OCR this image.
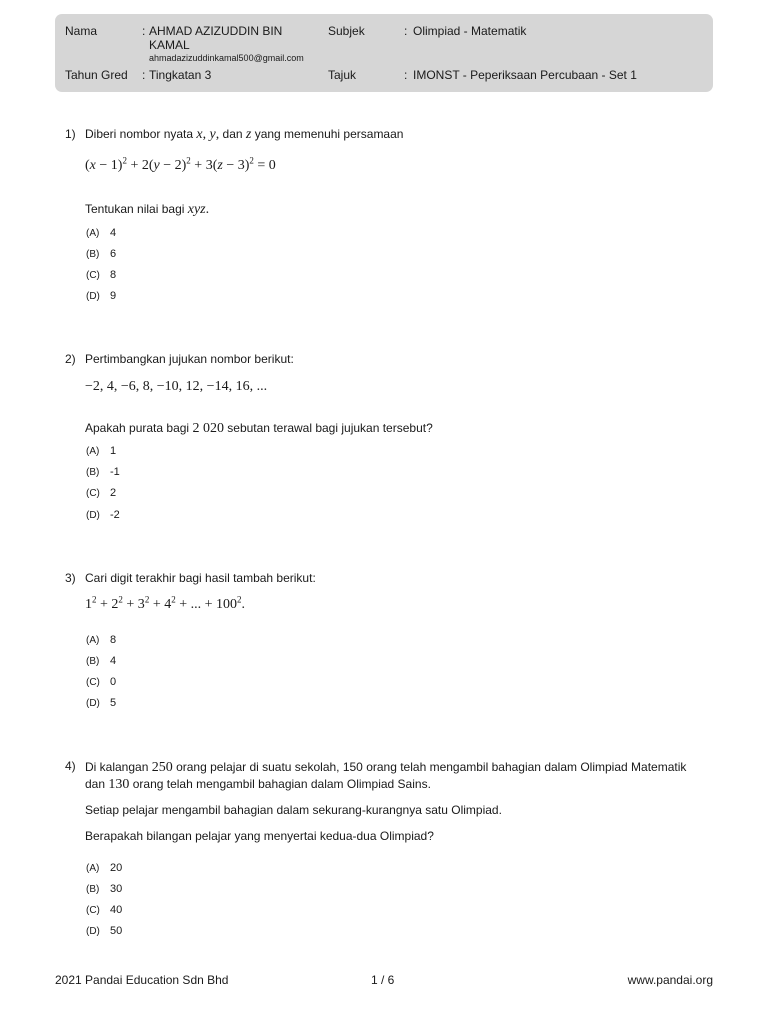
Nama	: AHMAD AZIZUDDIN BIN KAMAL
ahmadazizuddinkamal500@gmail.com
Subjek	: Olimpiad - Matematik
Tahun Gred : Tingkatan 3	Tajuk	: IMONST - Peperiksaan Percubaan - Set 1
1) Diberi nombor nyata x, y, dan z yang memenuhi persamaan
$(x - 1)^2 + 2(y - 2)^2 + 3(z - 3)^2 = 0$
Tentukan nilai bagi xyz.
(A) 4
(B) 6
(C) 8
(D) 9
2) Pertimbangkan jujukan nombor berikut:
−2, 4, −6, 8, −10, 12, −14, 16, ...
Apakah purata bagi 2 020 sebutan terawal bagi jujukan tersebut?
(A) 1
(B) -1
(C) 2
(D) -2
3) Cari digit terakhir bagi hasil tambah berikut:
$1^2 + 2^2 + 3^2 + 4^2$ + ... + $100^2$.
(A) 8
(B) 4
(C) 0
(D) 5
4) Di kalangan 250 orang pelajar di suatu sekolah, 150 orang telah mengambil bahagian dalam Olimpiad Matematik
dan 130 orang telah mengambil bahagian dalam Olimpiad Sains.
Setiap pelajar mengambil bahagian dalam sekurang-kurangnya satu Olimpiad.
Berapakah bilangan pelajar yang menyertai kedua-dua Olimpiad?
(A) 20
(B) 30
(C) 40
(D) 50
2021 Pandai Education Sdn Bhd	1 / 6	www.pandai.org
